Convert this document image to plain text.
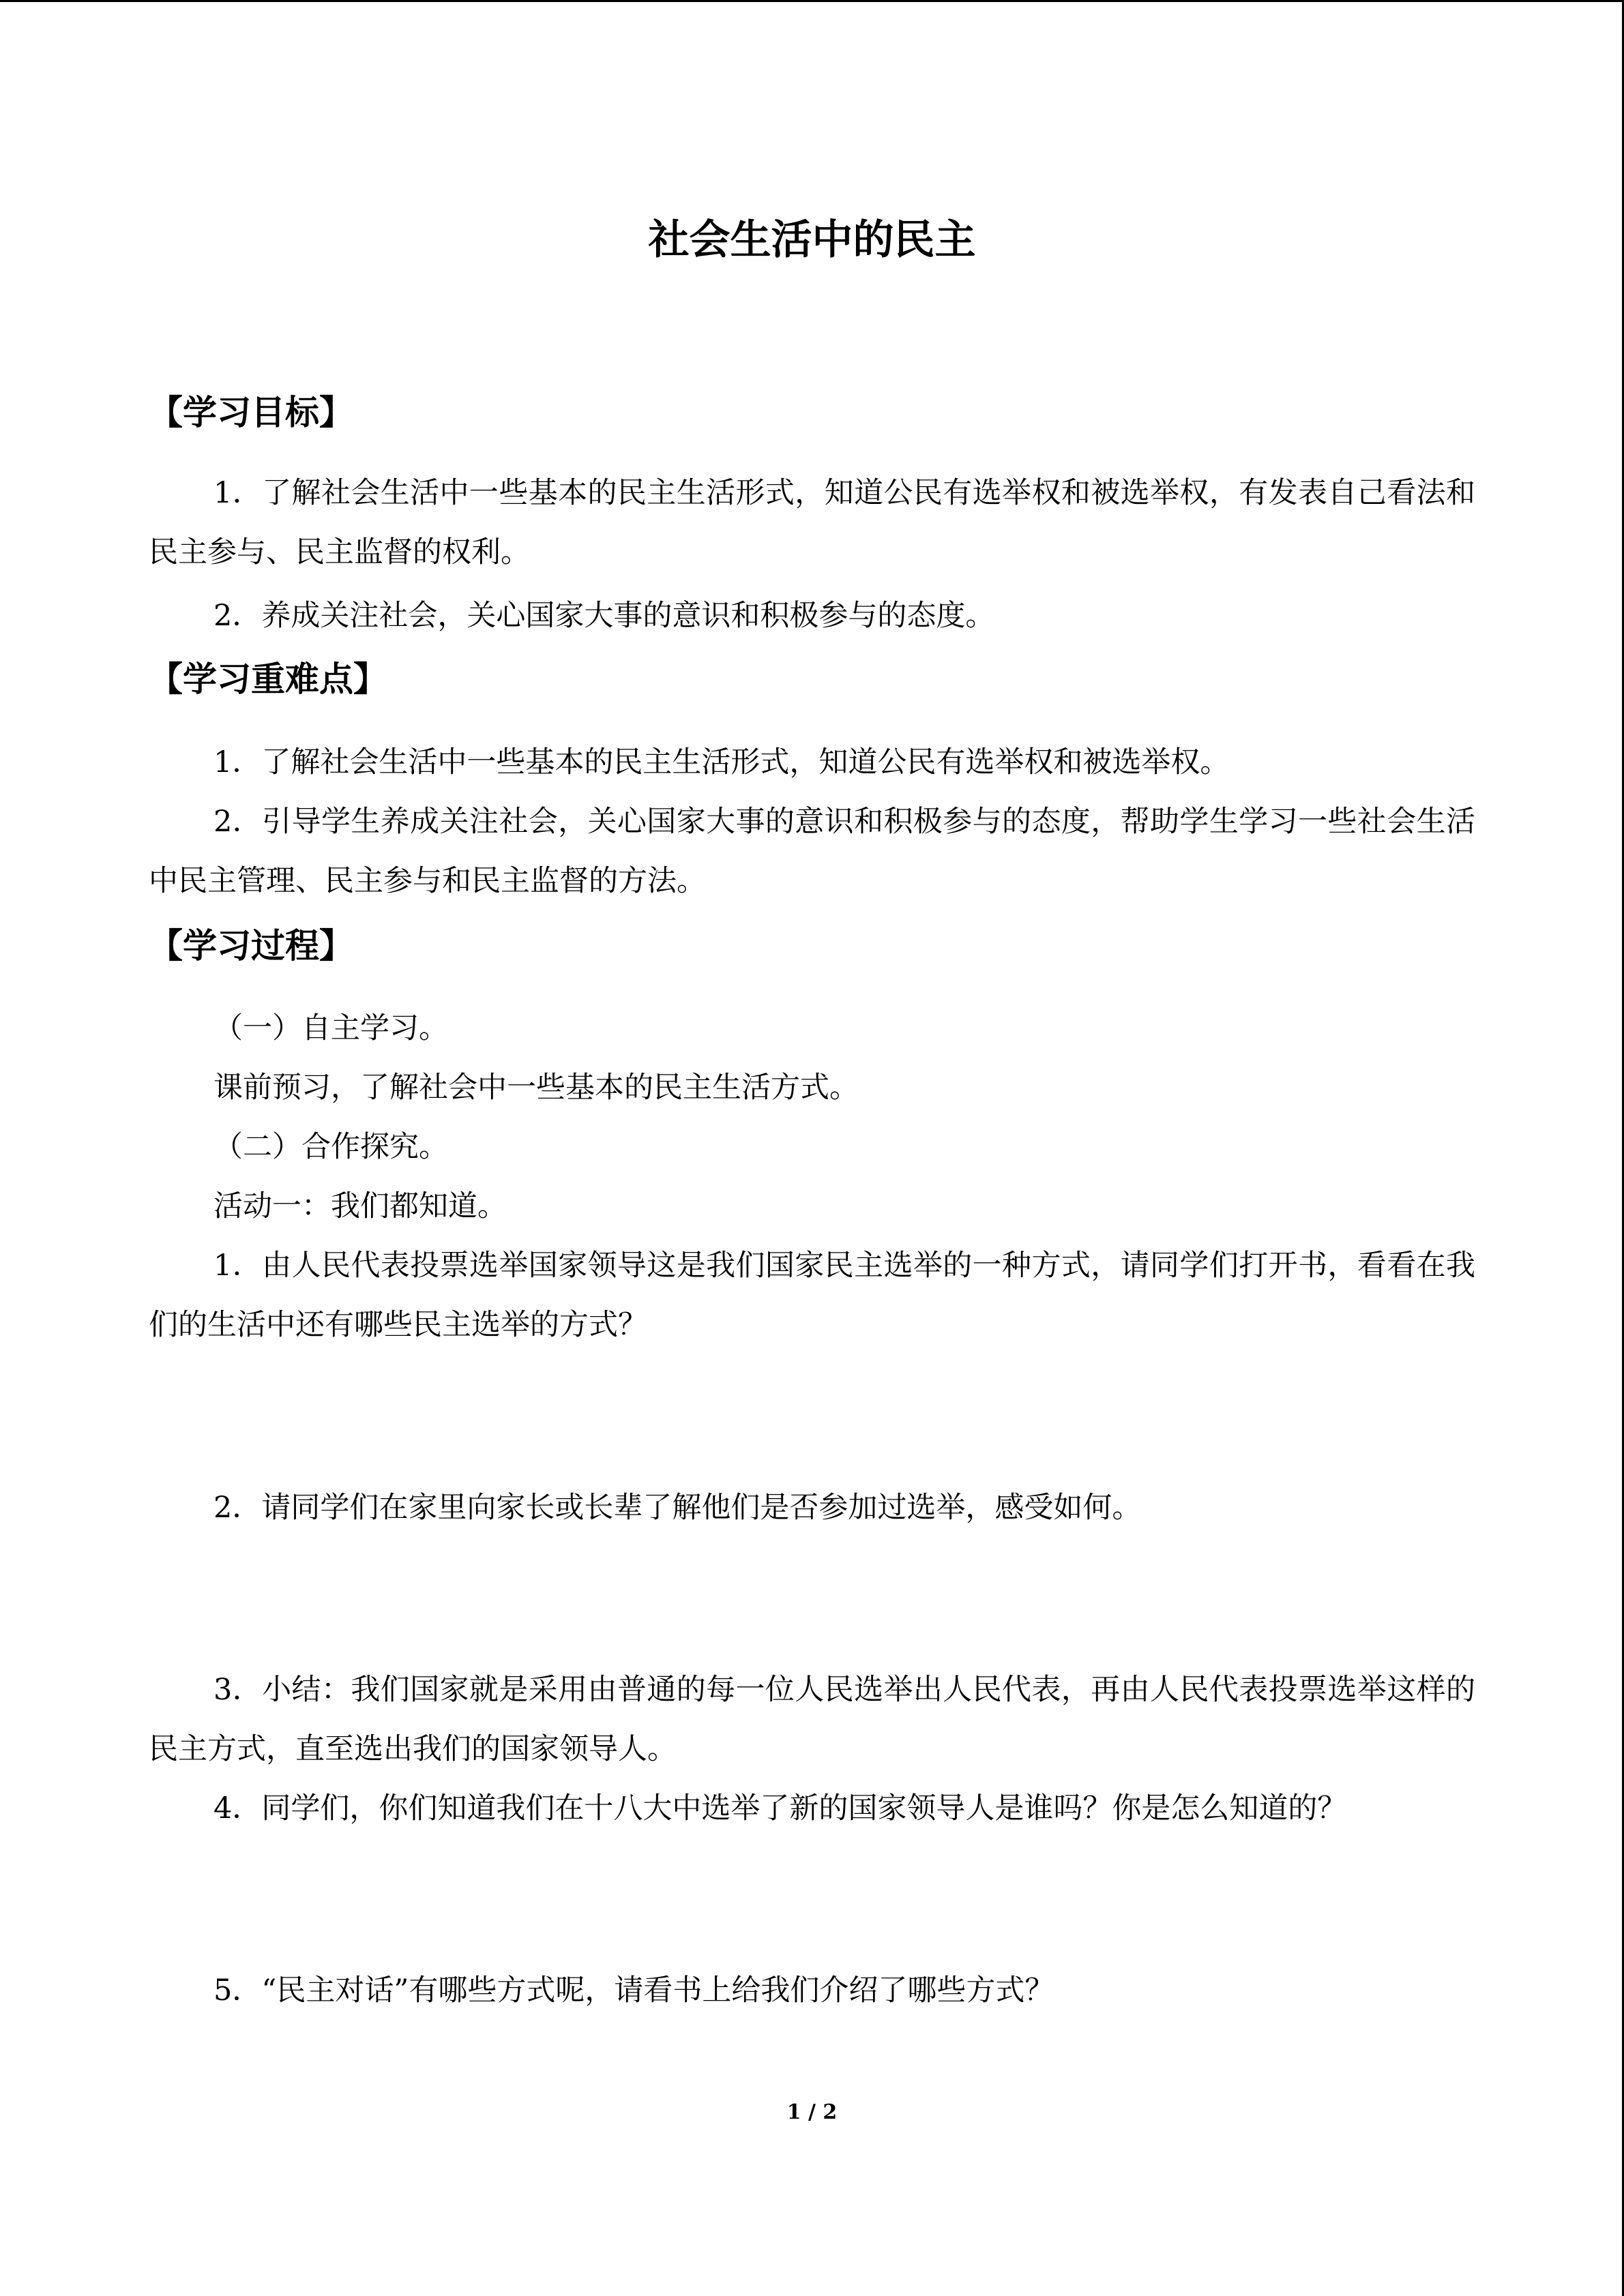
社会生活中的民主
【学习目标】

1．了解社会生活中一些基本的民主生活形式，知道公民有选举权和被选举权，有发表自己看法和民主参与、民主监督的权利。

2．养成关注社会，关心国家大事的意识和积极参与的态度。

【学习重难点】

1．了解社会生活中一些基本的民主生活形式，知道公民有选举权和被选举权。

2．引导学生养成关注社会，关心国家大事的意识和积极参与的态度，帮助学生学习一些社会生活中民主管理、民主参与和民主监督的方法。

【学习过程】

（一）自主学习。

课前预习，了解社会中一些基本的民主生活方式。

（二）合作探究。

活动一：我们都知道。

1．由人民代表投票选举国家领导这是我们国家民主选举的一种方式，请同学们打开书，看看在我们的生活中还有哪些民主选举的方式？

2．请同学们在家里向家长或长辈了解他们是否参加过选举，感受如何。

3．小结：我们国家就是采用由普通的每一位人民选举出人民代表，再由人民代表投票选举这样的民主方式，直至选出我们的国家领导人。

4．同学们，你们知道我们在十八大中选举了新的国家领导人是谁吗？你是怎么知道的？

5．“民主对话”有哪些方式呢，请看书上给我们介绍了哪些方式？

1 / 2
